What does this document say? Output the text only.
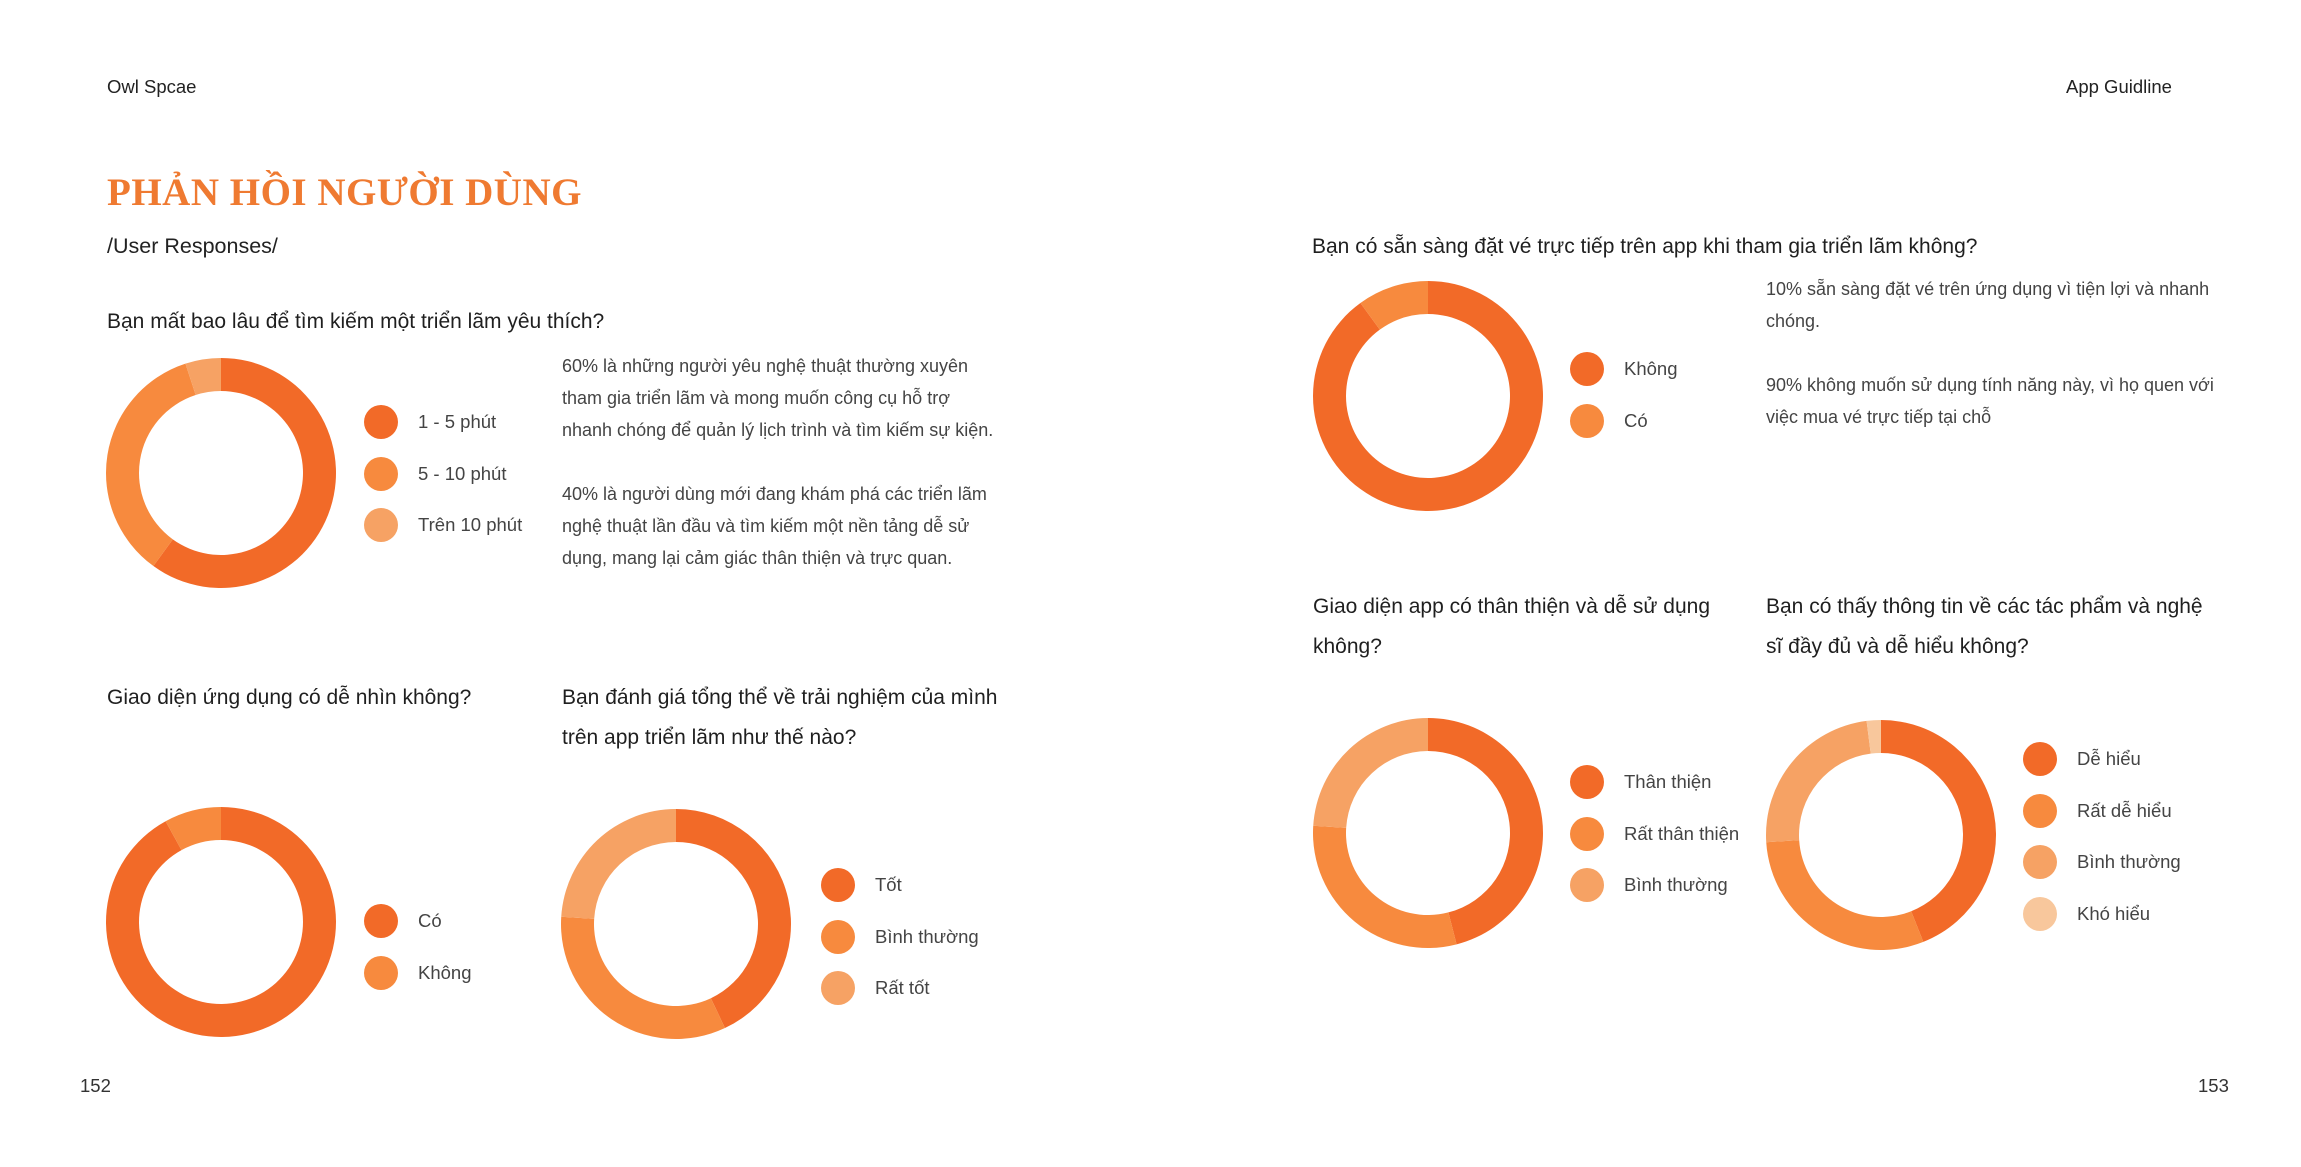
Owl Spcae	App Guidline
PHẢN HỒI NGƯỜI DÙNG
/User Responses/
Bạn mất bao lâu để tìm kiếm một triển lãm yêu thích?
1 - 5 phút
5 - 10 phút
Trên 10 phút
60% là những người yêu nghệ thuật thường xuyên tham gia triển lãm và mong muốn công cụ hỗ trợ nhanh chóng để quản lý lịch trình và tìm kiếm sự kiện.
40% là người dùng mới đang khám phá các triển lãm nghệ thuật lần đầu và tìm kiếm một nền tảng dễ sử dụng, mang lại cảm giác thân thiện và trực quan.
Giao diện ứng dụng có dễ nhìn không?
Có
Không
Bạn đánh giá tổng thể về trải nghiệm của mình trên app triển lãm như thế nào?
Tốt
Bình thường
Rất tốt
Bạn có sẵn sàng đặt vé trực tiếp trên app khi tham gia triển lãm không?
Không
Có
10% sẵn sàng đặt vé trên ứng dụng vì tiện lợi và nhanh chóng.
90% không muốn sử dụng tính năng này, vì họ quen với việc mua vé trực tiếp tại chỗ
Giao diện app có thân thiện và dễ sử dụng không?
Thân thiện
Rất thân thiện
Bình thường
Bạn có thấy thông tin về các tác phẩm và nghệ sĩ đầy đủ và dễ hiểu không?
Dễ hiểu
Rất dễ hiểu
Bình thường
Khó hiểu
152	153
